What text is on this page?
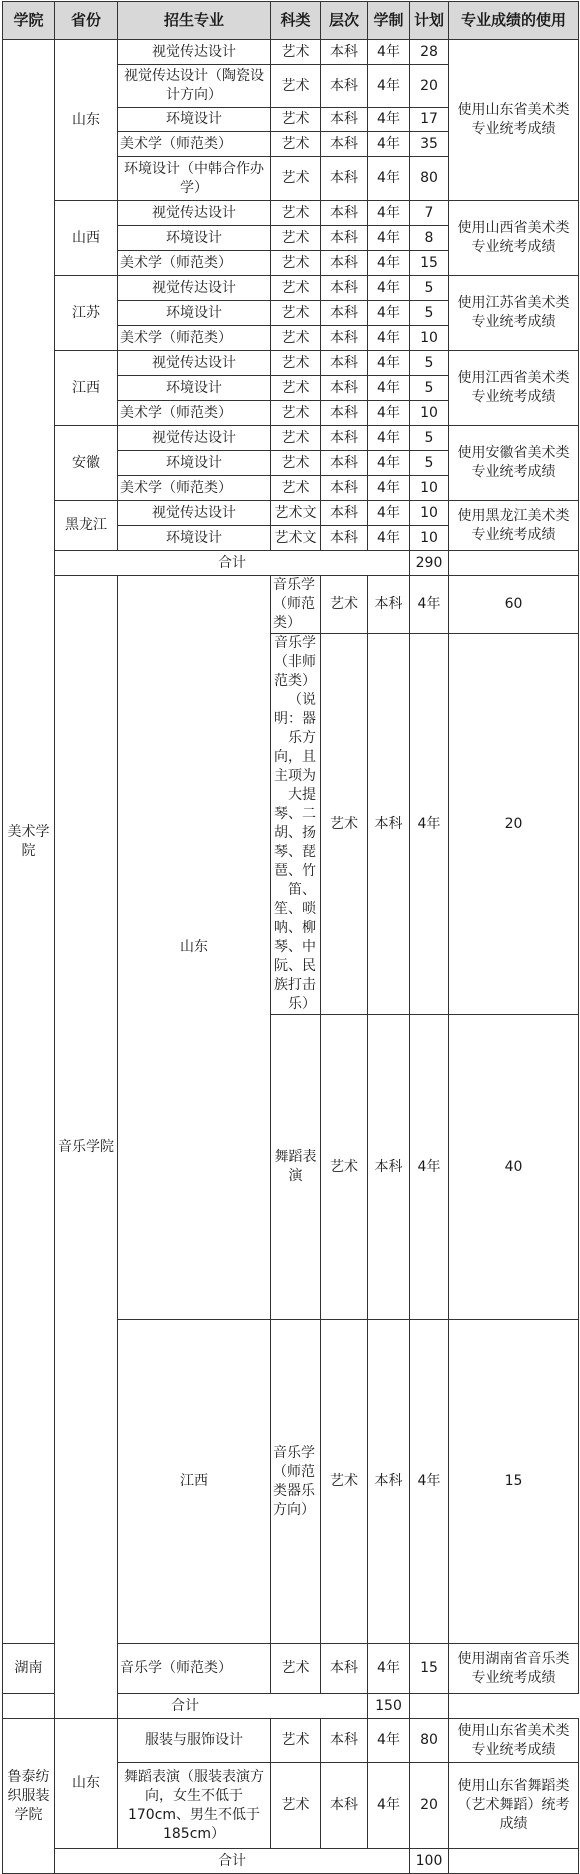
学院	省份	招生专业	科类	层次	学制	计划	专业成绩的使用	
美术学院	山东	视觉传达设计	艺术	本科	4年	28	使用山东省美术类专业统考成绩	
		视觉传达设计（陶瓷设计方向）	艺术	本科	4年	20		
		环境设计	艺术	本科	4年	17		
		美术学（师范类）	艺术	本科	4年	35		
		环境设计（中韩合作办学）	艺术	本科	4年	80		
	山西	视觉传达设计	艺术	本科	4年	7	使用山西省美术类专业统考成绩	
		环境设计	艺术	本科	4年	8		
		美术学（师范类）	艺术	本科	4年	15		
	江苏	视觉传达设计	艺术	本科	4年	5	使用江苏省美术类专业统考成绩	
		环境设计	艺术	本科	4年	5		
		美术学（师范类）	艺术	本科	4年	10		
	江西	视觉传达设计	艺术	本科	4年	5	使用江西省美术类专业统考成绩	
		环境设计	艺术	本科	4年	5		
		美术学（师范类）	艺术	本科	4年	10		
	安徽	视觉传达设计	艺术	本科	4年	5	使用安徽省美术类专业统考成绩	
		环境设计	艺术	本科	4年	5		
		美术学（师范类）	艺术	本科	4年	10		
	黑龙江	视觉传达设计	艺术文	本科	4年	10	使用黑龙江美术类专业统考成绩	
		环境设计	艺术文	本科	4年	10		
	合计					290		
	音乐学院	山东	音乐学（师范类）	艺术	本科	4年	60	
			音乐学（非师范类）（说明：器乐方向，且主项为大提琴、二胡、扬琴、琵琶、竹笛、笙、唢呐、柳琴、中阮、民族打击乐）	艺术	本科	4年	20	
			舞蹈表演	艺术	本科	4年	40	
		江西	音乐学（师范类器乐方向）	艺术	本科	4年	15	
湖南		音乐学（师范类）	艺术	本科	4年	15	使用湖南省音乐类专业统考成绩	
合计					150			
鲁泰纺织服装学院	山东	服装与服饰设计	艺术	本科	4年	80	使用山东省美术类专业统考成绩	
		舞蹈表演（服装表演方向，女生不低于170cm、男生不低于185cm）	艺术	本科	4年	20	使用山东省舞蹈类（艺术舞蹈）统考成绩	
	合计					100		
